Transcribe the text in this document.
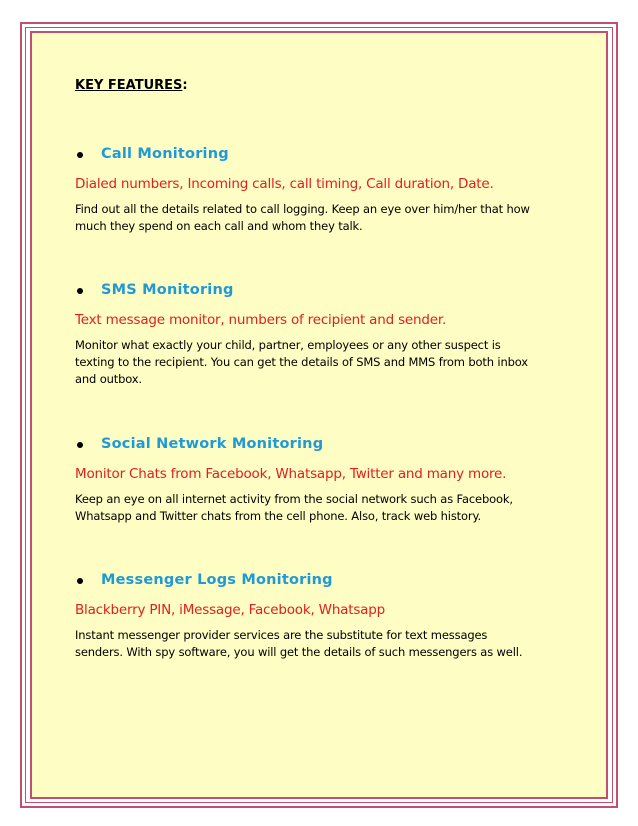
KEY FEATURES:

Call Monitoring

Dialed numbers, Incoming calls, call timing, Call duration, Date.

Find out all the details related to call logging. Keep an eye over him/her that how
much they spend on each call and whom they talk.

SMS Monitoring

Text message monitor, numbers of recipient and sender.

Monitor what exactly your child, partner, employees or any other suspect is
texting to the recipient. You can get the details of SMS and MMS from both inbox
and outbox.

Social Network Monitoring

Monitor Chats from Facebook, Whatsapp, Twitter and many more.

Keep an eye on all internet activity from the social network such as Facebook,
Whatsapp and Twitter chats from the cell phone. Also, track web history.

Messenger Logs Monitoring

Blackberry PIN, iMessage, Facebook, Whatsapp

Instant messenger provider services are the substitute for text messages
senders. With spy software, you will get the details of such messengers as well.
